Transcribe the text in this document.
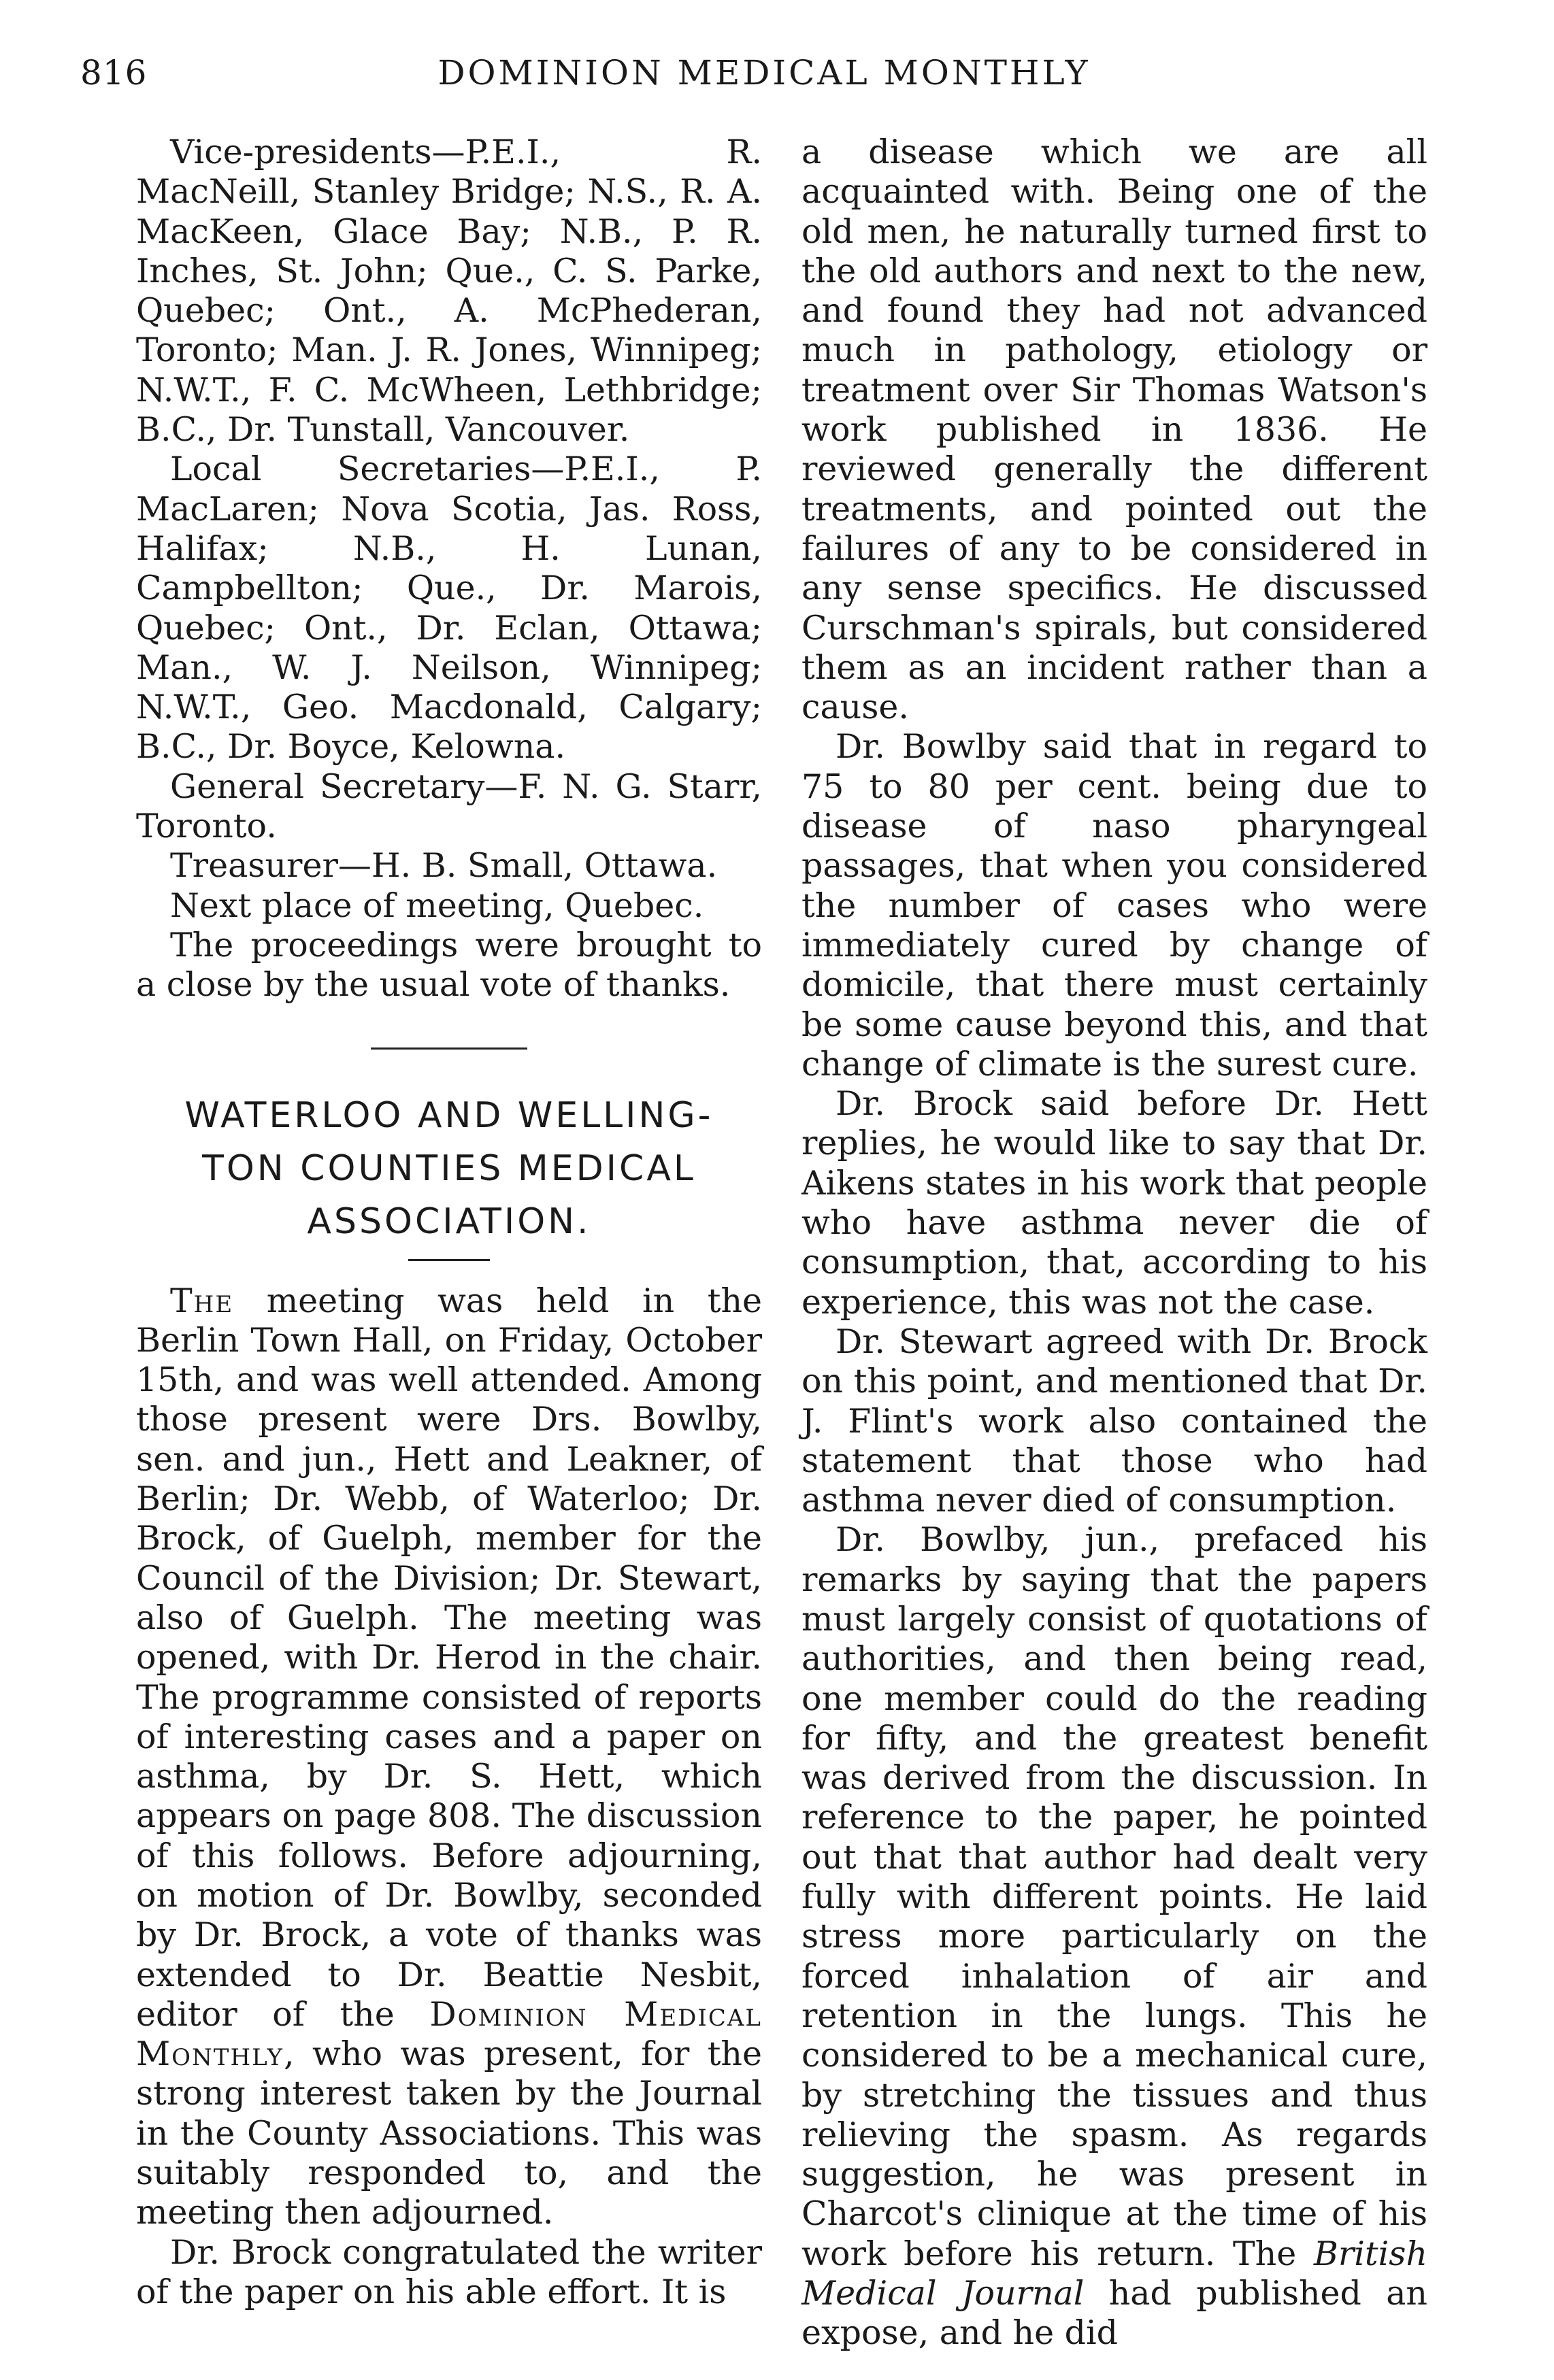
816	DOMINION MEDICAL MONTHLY

Vice-presidents—P.E.I., R. MacNeill, Stanley Bridge; N.S., R. A. MacKeen, Glace Bay; N.B., P. R. Inches, St. John; Que., C. S. Parke, Quebec; Ont., A. McPhederan, Toronto; Man. J. R. Jones, Winnipeg; N.W.T., F. C. McWheen, Lethbridge; B.C., Dr. Tunstall, Vancouver.

Local Secretaries—P.E.I., P. MacLaren; Nova Scotia, Jas. Ross, Halifax; N.B., H. Lunan, Campbellton; Que., Dr. Marois, Quebec; Ont., Dr. Eclan, Ottawa; Man., W. J. Neilson, Winnipeg; N.W.T., Geo. Macdonald, Calgary; B.C., Dr. Boyce, Kelowna.

General Secretary—F. N. G. Starr, Toronto.

Treasurer—H. B. Small, Ottawa.

Next place of meeting, Quebec.

The proceedings were brought to a close by the usual vote of thanks.

WATERLOO AND WELLING-
TON COUNTIES MEDICAL
ASSOCIATION.

The meeting was held in the Berlin Town Hall, on Friday, October 15th, and was well attended. Among those present were Drs. Bowlby, sen. and jun., Hett and Leakner, of Berlin; Dr. Webb, of Waterloo; Dr. Brock, of Guelph, member for the Council of the Division; Dr. Stewart, also of Guelph. The meeting was opened, with Dr. Herod in the chair. The programme consisted of reports of interesting cases and a paper on asthma, by Dr. S. Hett, which appears on page 808. The discussion of this follows. Before adjourning, on motion of Dr. Bowlby, seconded by Dr. Brock, a vote of thanks was extended to Dr. Beattie Nesbit, editor of the Dominion Medical Monthly, who was present, for the strong interest taken by the Journal in the County Associations. This was suitably responded to, and the meeting then adjourned.

Dr. Brock congratulated the writer of the paper on his able effort. It is

a disease which we are all acquainted with. Being one of the old men, he naturally turned first to the old authors and next to the new, and found they had not advanced much in pathology, etiology or treatment over Sir Thomas Watson's work published in 1836. He reviewed generally the different treatments, and pointed out the failures of any to be considered in any sense specifics. He discussed Curschman's spirals, but considered them as an incident rather than a cause.

Dr. Bowlby said that in regard to 75 to 80 per cent. being due to disease of naso pharyngeal passages, that when you considered the number of cases who were immediately cured by change of domicile, that there must certainly be some cause beyond this, and that change of climate is the surest cure.

Dr. Brock said before Dr. Hett replies, he would like to say that Dr. Aikens states in his work that people who have asthma never die of consumption, that, according to his experience, this was not the case.

Dr. Stewart agreed with Dr. Brock on this point, and mentioned that Dr. J. Flint's work also contained the statement that those who had asthma never died of consumption.

Dr. Bowlby, jun., prefaced his remarks by saying that the papers must largely consist of quotations of authorities, and then being read, one member could do the reading for fifty, and the greatest benefit was derived from the discussion. In reference to the paper, he pointed out that that author had dealt very fully with different points. He laid stress more particularly on the forced inhalation of air and retention in the lungs. This he considered to be a mechanical cure, by stretching the tissues and thus relieving the spasm. As regards suggestion, he was present in Charcot's clinique at the time of his work before his return. The British Medical Journal had published an expose, and he did
